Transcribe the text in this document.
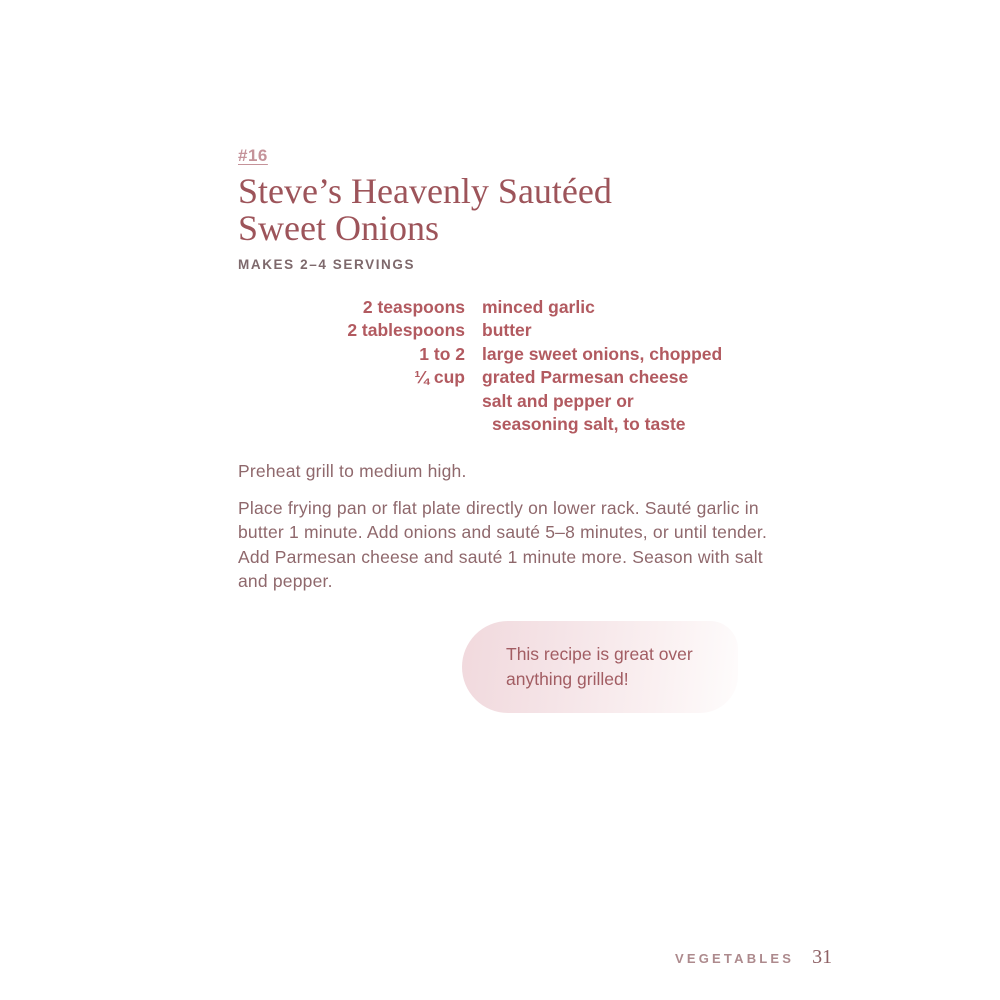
#16
Steve’s Heavenly Sautéed
Sweet Onions
MAKES 2–4 SERVINGS
2 teaspoons minced garlic
2 tablespoons butter
1 to 2 large sweet onions, chopped
¼ cup grated Parmesan cheese
salt and pepper or
seasoning salt, to taste

Preheat grill to medium high.

Place frying pan or flat plate directly on lower rack. Sauté garlic in butter 1 minute. Add onions and sauté 5–8 minutes, or until tender. Add Parmesan cheese and sauté 1 minute more. Season with salt and pepper.

This recipe is great over anything grilled!
VEGETABLES 31
